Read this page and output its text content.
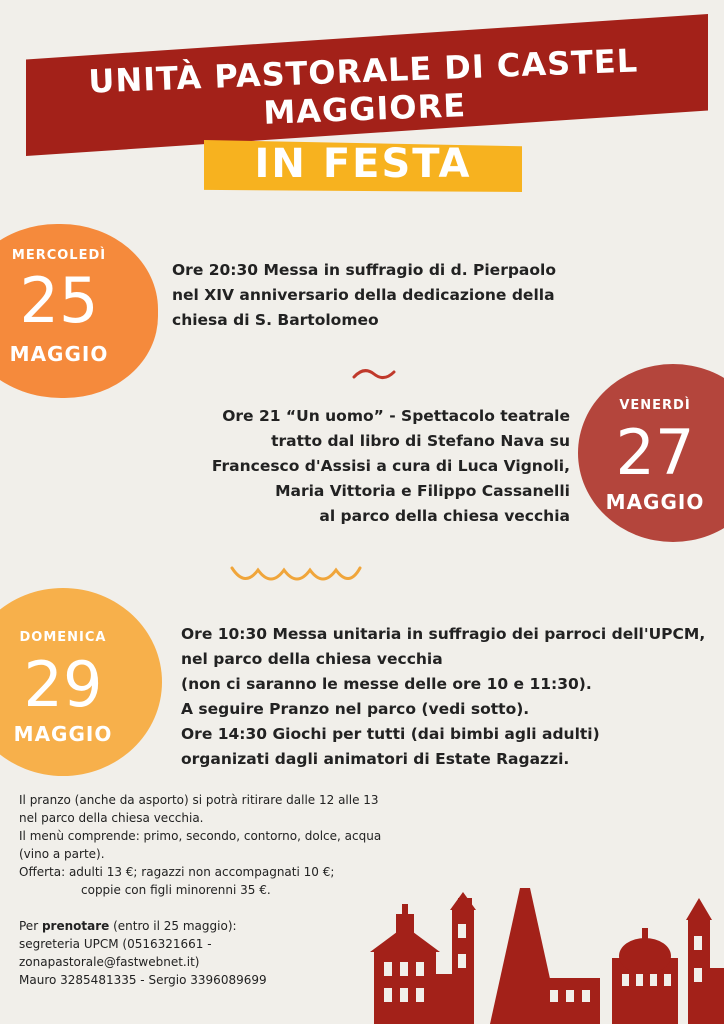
UNITÀ PASTORALE DI CASTEL MAGGIORE
IN FESTA
MERCOLEDÌ
25
MAGGIO
VENERDÌ
27
MAGGIO
DOMENICA
29
MAGGIO
Ore 20:30 Messa in suffragio di d. Pierpaolo
nel XIV anniversario della dedicazione della
chiesa di S. Bartolomeo
Ore 21 “Un uomo” - Spettacolo teatrale
tratto dal libro di Stefano Nava su
Francesco d'Assisi a cura di Luca Vignoli,
Maria Vittoria e Filippo Cassanelli
al parco della chiesa vecchia
Ore 10:30 Messa unitaria in suffragio dei parroci dell'UPCM,
nel parco della chiesa vecchia
(non ci saranno le messe delle ore 10 e 11:30).
A seguire Pranzo nel parco (vedi sotto).
Ore 14:30 Giochi per tutti (dai bimbi agli adulti)
organizati dagli animatori di Estate Ragazzi.
Il pranzo (anche da asporto) si potrà ritirare dalle 12 alle 13
nel parco della chiesa vecchia.
Il menù comprende: primo, secondo, contorno, dolce, acqua
(vino a parte).
Offerta: adulti 13 €; ragazzi non accompagnati 10 €;
coppie con figli minorenni 35 €.
Per prenotare (entro il 25 maggio):
segreteria UPCM (0516321661 -
zonapastorale@fastwebnet.it)
Mauro 3285481335 - Sergio 3396089699
